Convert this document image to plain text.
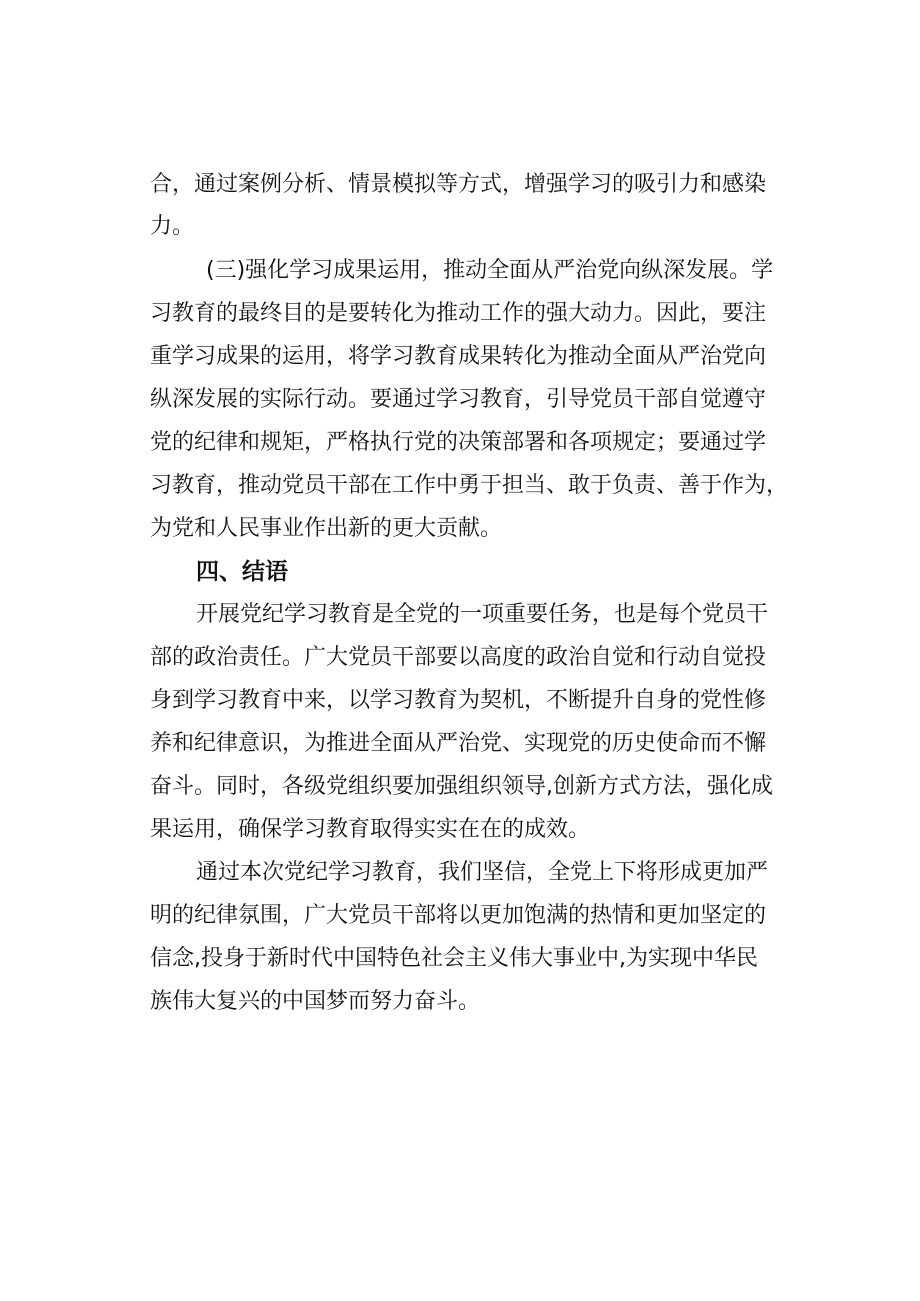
合，通过案例分析、情景模拟等方式，增强学习的吸引力和感染
力。
(三)强化学习成果运用，推动全面从严治党向纵深发展。学
习教育的最终目的是要转化为推动工作的强大动力。因此，要注
重学习成果的运用，将学习教育成果转化为推动全面从严治党向
纵深发展的实际行动。要通过学习教育，引导党员干部自觉遵守
党的纪律和规矩，严格执行党的决策部署和各项规定；要通过学
习教育，推动党员干部在工作中勇于担当、敢于负责、善于作为，
为党和人民事业作出新的更大贡献。
四、结语
开展党纪学习教育是全党的一项重要任务，也是每个党员干
部的政治责任。广大党员干部要以高度的政治自觉和行动自觉投
身到学习教育中来，以学习教育为契机，不断提升自身的党性修
养和纪律意识，为推进全面从严治党、实现党的历史使命而不懈
奋斗。同时，各级党组织要加强组织领导,创新方式方法，强化成
果运用，确保学习教育取得实实在在的成效。
通过本次党纪学习教育，我们坚信，全党上下将形成更加严
明的纪律氛围，广大党员干部将以更加饱满的热情和更加坚定的
信念,投身于新时代中国特色社会主义伟大事业中,为实现中华民
族伟大复兴的中国梦而努力奋斗。
